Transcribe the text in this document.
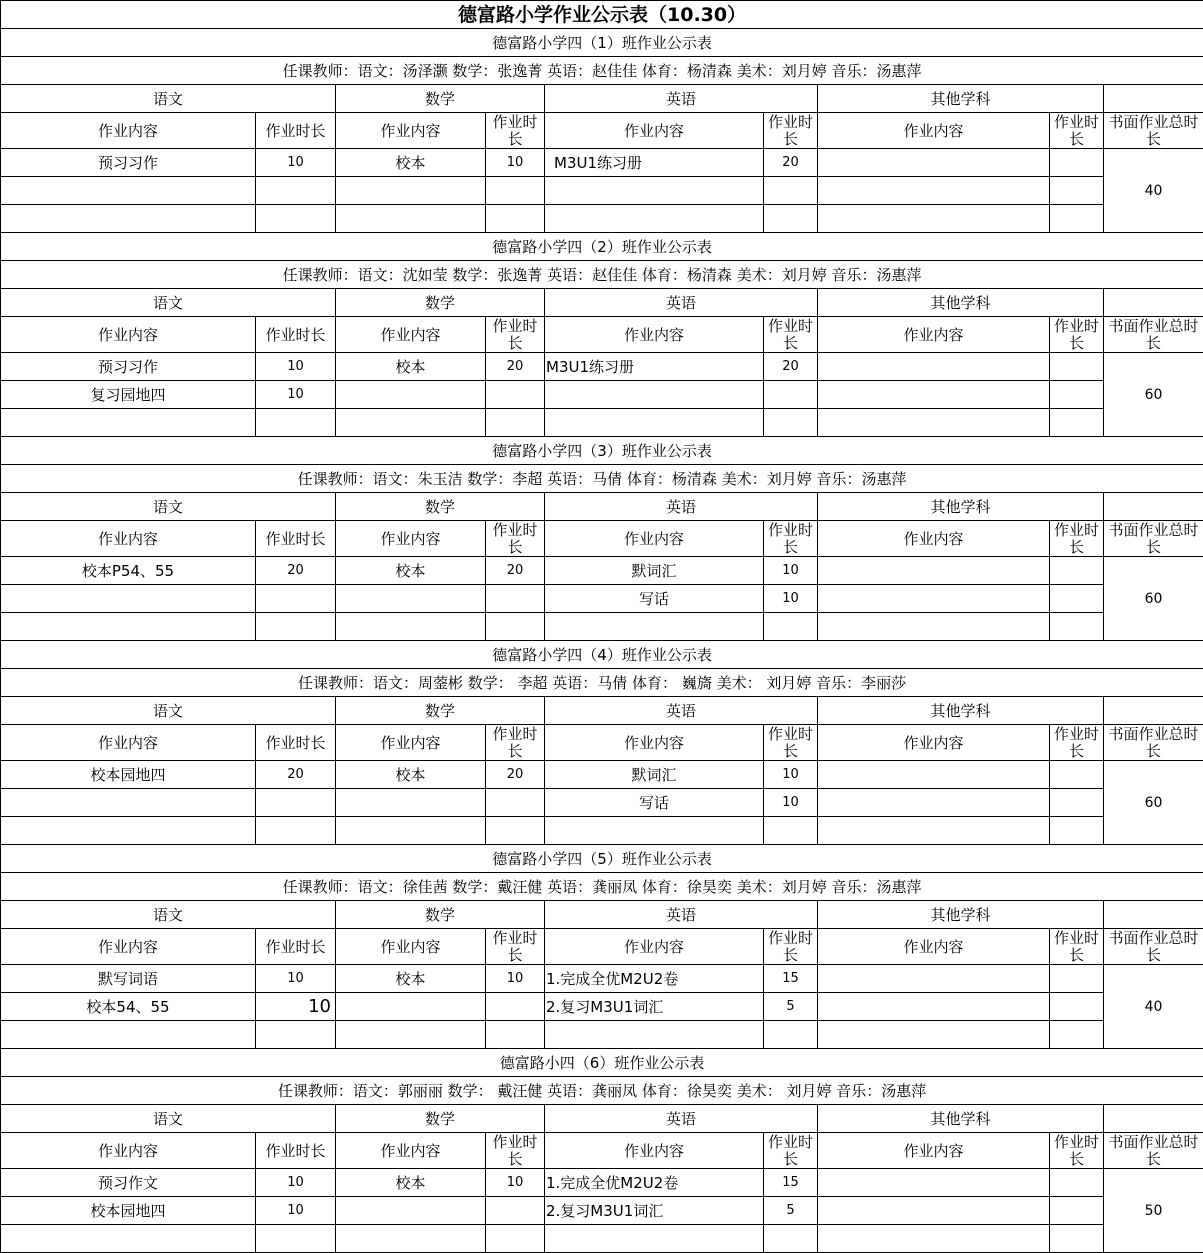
德富路小学作业公示表（10.30）								
德富路小学四（1）班作业公示表								
任课教师：语文：汤泽灏 数学：张逸菁 英语：赵佳佳 体育：杨清森 美术：刘月婷 音乐：汤惠萍								
语文		数学		英语		其他学科		
作业内容	作业时长	作业内容	作业时长	作业内容	作业时长	作业内容	作业时长	书面作业总时长
预习习作	10	校本	10	M3U1练习册	20			40

德富路小学四（2）班作业公示表								
任课教师：语文：沈如莹 数学：张逸菁 英语：赵佳佳 体育：杨清森 美术：刘月婷 音乐：汤惠萍								
语文		数学		英语		其他学科		
作业内容	作业时长	作业内容	作业时长	作业内容	作业时长	作业内容	作业时长	书面作业总时长
预习习作	10	校本	20	M3U1练习册	20			60
复习园地四	10							

德富路小学四（3）班作业公示表								
任课教师：语文：朱玉洁 数学：李超 英语：马倩 体育：杨清森 美术：刘月婷 音乐：汤惠萍								
语文		数学		英语		其他学科		
作业内容	作业时长	作业内容	作业时长	作业内容	作业时长	作业内容	作业时长	书面作业总时长
校本P54、55	20	校本	20	默词汇	10			60
				写话	10			

德富路小学四（4）班作业公示表								
任课教师：语文：周蓥彬 数学： 李超 英语：马倩 体育： 巍旖 美术： 刘月婷 音乐：李丽莎								
语文		数学		英语		其他学科		
作业内容	作业时长	作业内容	作业时长	作业内容	作业时长	作业内容	作业时长	书面作业总时长
校本园地四	20	校本	20	默词汇	10			60
				写话	10			

德富路小学四（5）班作业公示表								
任课教师：语文：徐佳茜 数学：戴汪健 英语：龚丽凤 体育：徐昊奕 美术：刘月婷 音乐：汤惠萍								
语文		数学		英语		其他学科		
作业内容	作业时长	作业内容	作业时长	作业内容	作业时长	作业内容	作业时长	书面作业总时长
默写词语	10	校本	10	1.完成全优M2U2卷	15			40
校本54、55	10			2.复习M3U1词汇	5			

德富路小四（6）班作业公示表								
任课教师：语文：郭丽丽 数学： 戴汪健 英语：龚丽凤 体育：徐昊奕 美术： 刘月婷 音乐：汤惠萍								
语文		数学		英语		其他学科		
作业内容	作业时长	作业内容	作业时长	作业内容	作业时长	作业内容	作业时长	书面作业总时长
预习作文	10	校本	10	1.完成全优M2U2卷	15			50
校本园地四	10			2.复习M3U1词汇	5			
